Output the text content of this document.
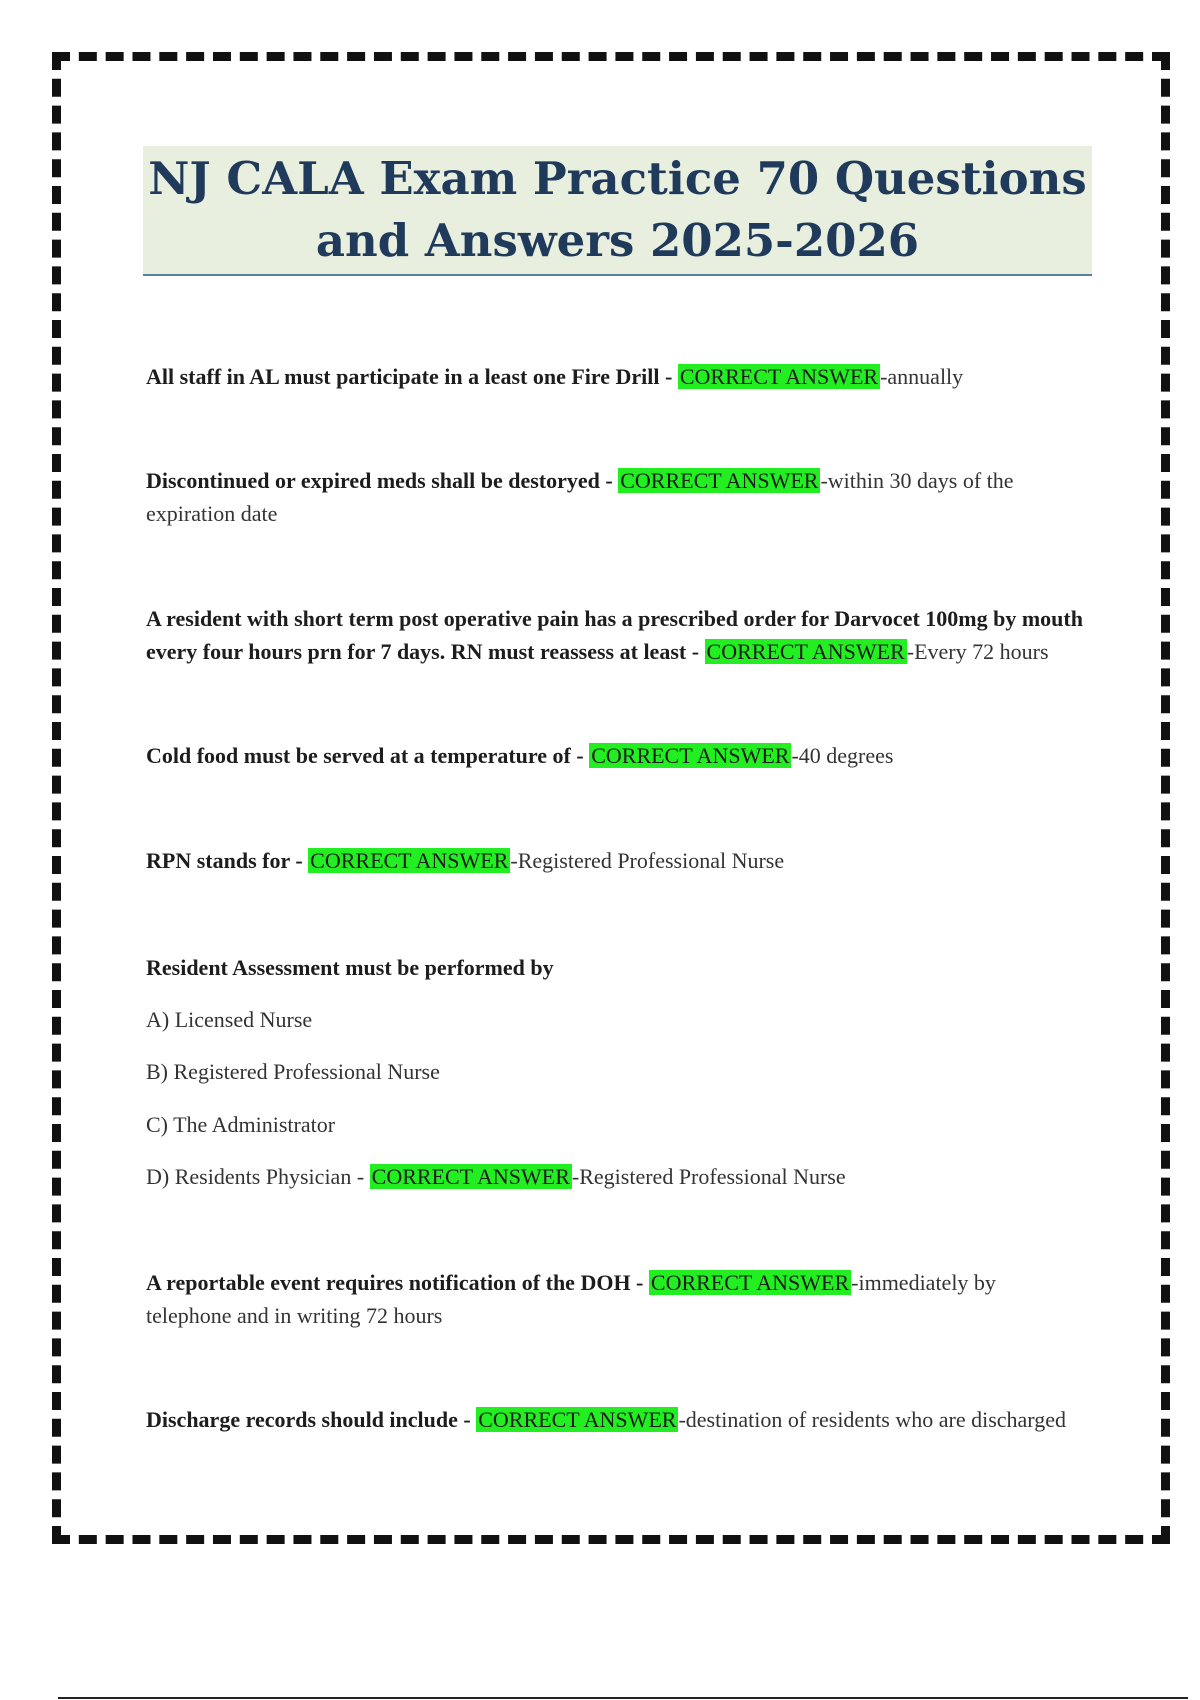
NJ CALA Exam Practice 70 Questions
and Answers 2025-2026
All staff in AL must participate in a least one Fire Drill - CORRECT ANSWER-annually
Discontinued or expired meds shall be destoryed - CORRECT ANSWER-within 30 days of the expiration date
A resident with short term post operative pain has a prescribed order for Darvocet 100mg by mouth every four hours prn for 7 days. RN must reassess at least - CORRECT ANSWER-Every 72 hours
Cold food must be served at a temperature of - CORRECT ANSWER-40 degrees
RPN stands for - CORRECT ANSWER-Registered Professional Nurse
Resident Assessment must be performed by
A) Licensed Nurse
B) Registered Professional Nurse
C) The Administrator
D) Residents Physician - CORRECT ANSWER-Registered Professional Nurse
A reportable event requires notification of the DOH - CORRECT ANSWER-immediately by telephone and in writing 72 hours
Discharge records should include - CORRECT ANSWER-destination of residents who are discharged
